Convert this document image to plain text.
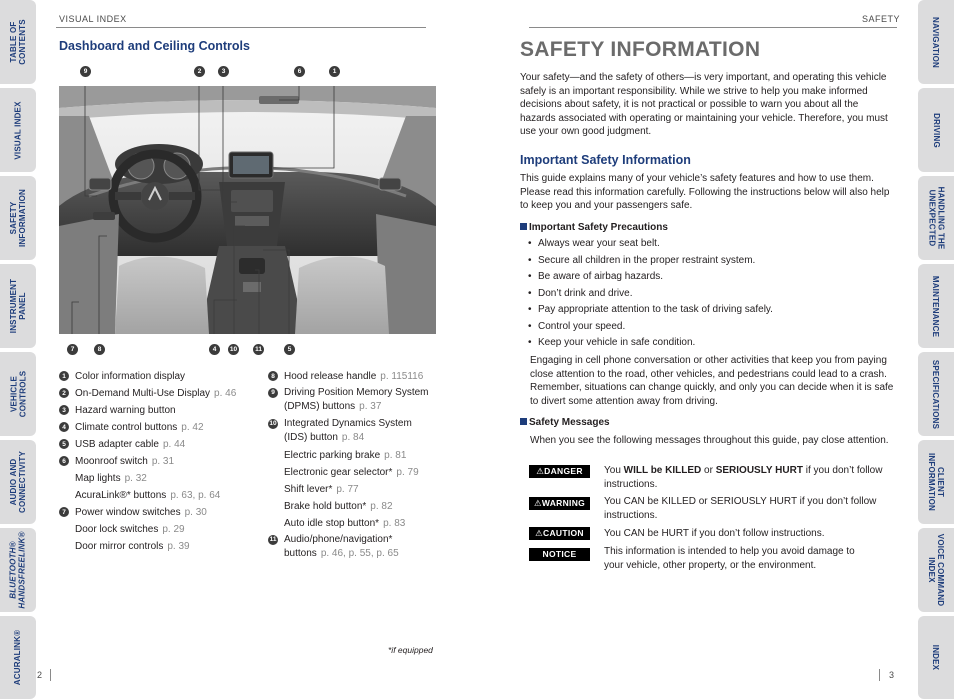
TABLE OF
CONTENTS
VISUAL INDEX
SAFETY
INFORMATION
INSTRUMENT
PANEL
VEHICLE
CONTROLS
AUDIO AND
CONNECTIVITY
BLUETOOTH®
HANDSFREELINK®
ACURALINK®
NAVIGATION
DRIVING
HANDLING THE
UNEXPECTED
MAINTENANCE
SPECIFICATIONS
CLIENT
INFORMATION
VOICE COMMAND
INDEX
INDEX
VISUAL INDEX
Dashboard and Ceiling Controls
9	2	3	6	1
7	8	4	10	11	5
1 Color information display
2 On-Demand Multi-Use Display p. 46
3 Hazard warning button
4 Climate control buttons p. 42
5 USB adapter cable p. 44
6 Moonroof switch p. 31
Map lights p. 32
AcuraLink®* buttons p. 63, p. 64
7 Power window switches p. 30
Door lock switches p. 29
Door mirror controls p. 39
8 Hood release handle p. 115116
9 Driving Position Memory System (DPMS) buttons p. 37
10 Integrated Dynamics System (IDS) button p. 84
Electric parking brake p. 81
Electronic gear selector* p. 79
Shift lever* p. 77
Brake hold button* p. 82
Auto idle stop button* p. 83
11 Audio/phone/navigation* buttons p. 46, p. 55, p. 65
*if equipped
2
SAFETY
SAFETY INFORMATION

Your safety—and the safety of others—is very important, and operating this vehicle safely is an important responsibility. While we strive to help you make informed decisions about safety, it is not practical or possible to warn you about all the hazards associated with operating or maintaining your vehicle. Therefore, you must use your own good judgment.

Important Safety Information

This guide explains many of your vehicle’s safety features and how to use them. Please read this information carefully. Following the instructions below will also help to keep you and your passengers safe.

Important Safety Precautions
• Always wear your seat belt.
• Secure all children in the proper restraint system.
• Be aware of airbag hazards.
• Don’t drink and drive.
• Pay appropriate attention to the task of driving safely.
• Control your speed.
• Keep your vehicle in safe condition.

Engaging in cell phone conversation or other activities that keep you from paying close attention to the road, other vehicles, and pedestrians could lead to a crash. Remember, situations can change quickly, and only you can decide when it is safe to divert some attention away from driving.

Safety Messages

When you see the following messages throughout this guide, pay close attention.

⚠ DANGER You WILL be KILLED or SERIOUSLY HURT if you don’t follow instructions.
⚠ WARNING You CAN be KILLED or SERIOUSLY HURT if you don’t follow instructions.
⚠ CAUTION You CAN be HURT if you don’t follow instructions.
NOTICE	This information is intended to help you avoid damage to your vehicle, other property, or the environment.
3
